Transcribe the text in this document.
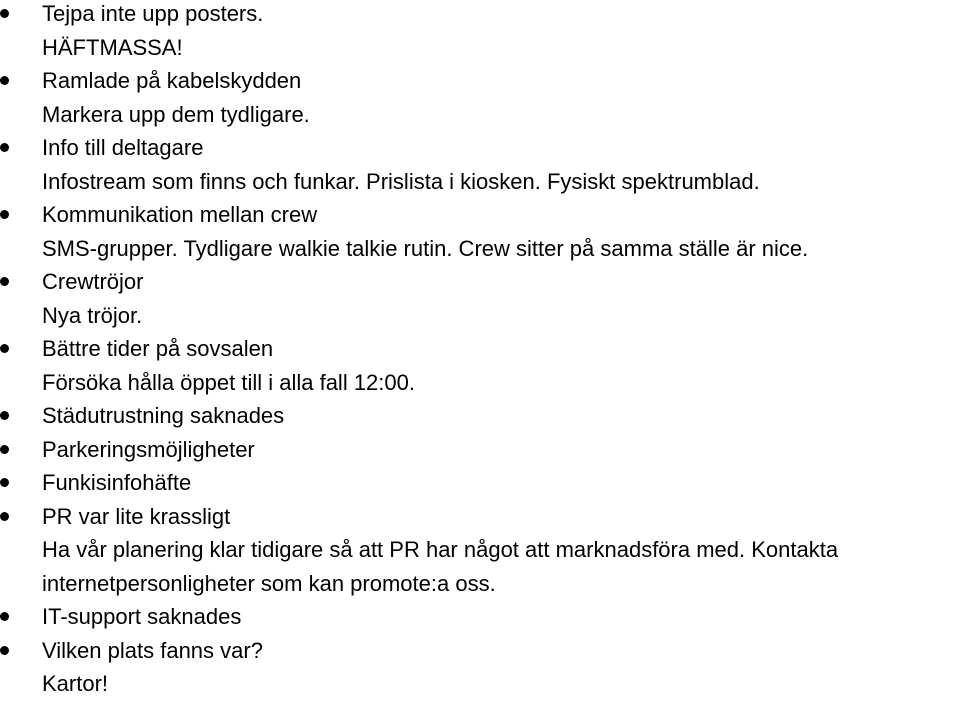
Tejpa inte upp posters.
HÄFTMASSA!
Ramlade på kabelskydden
Markera upp dem tydligare.
Info till deltagare
Infostream som finns och funkar. Prislista i kiosken. Fysiskt spektrumblad.
Kommunikation mellan crew
SMS-grupper. Tydligare walkie talkie rutin. Crew sitter på samma ställe är nice.
Crewtröjor
Nya tröjor.
Bättre tider på sovsalen
Försöka hålla öppet till i alla fall 12:00.
Städutrustning saknades
Parkeringsmöjligheter
Funkisinfohäfte
PR var lite krassligt
Ha vår planering klar tidigare så att PR har något att marknadsföra med. Kontakta
internetpersonligheter som kan promote:a oss.
IT-support saknades
Vilken plats fanns var?
Kartor!
